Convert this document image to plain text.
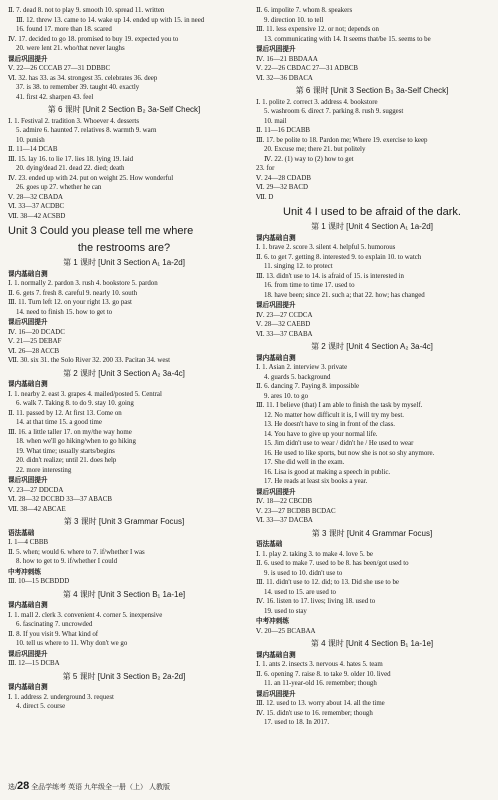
Ⅱ. 7. dead 8. not to play 9. smooth 10. spread 11. written
Ⅲ. 12. threw 13. came to 14. wake up 14. ended up with 15. in need
16. found 17. more than 18. scared
Ⅳ. 17. decided to go 18. promised to buy 19. expected you to
20. were lent 21. who/that never laughs
课后巩固提升
Ⅴ. 22—26 CCCAB 27—31 DDBBC
Ⅵ. 32. has 33. as 34. strongest 35. celebrates 36. deep
37. is 38. to remember 39. taught 40. exactly
41. first 42. sharpen 43. feel
第 6 课时 [Unit 2 Section B₂ 3a-Self Check]
Ⅰ. 1. Festival 2. tradition 3. Whoever 4. desserts
5. admire 6. haunted 7. relatives 8. warmth 9. warn
10. punish
Ⅱ. 11—14 DCAB
Ⅲ. 15. lay 16. to lie 17. lies 18. lying 19. laid
20. dying/dead 21. dead 22. died; death
Ⅳ. 23. ended up with 24. put on weight 25. How wonderful
26. goes up 27. whether he can
Ⅴ. 28—32 CBADA
Ⅵ. 33—37 ACDBC
Ⅶ. 38—42 ACSBD
Unit 3 Could you please tell me where
the restrooms are?
第 1 课时 [Unit 3 Section A₁ 1a-2d]
课内基础自测
Ⅰ. 1. normally 2. pardon 3. rush 4. bookstore 5. pardon
Ⅱ. 6. gets 7. fresh 8. careful 9. nearly 10. south
Ⅲ. 11. Turn left 12. on your right 13. go past
14. need to finish 15. how to get to
课后巩固提升
Ⅳ. 16—20 DCADC
Ⅴ. 21—25 DEBAF
Ⅵ. 26—28 ACCB
Ⅶ. 30. six 31. the Solo River 32. 200 33. Pacitan 34. west
第 2 课时 [Unit 3 Section A₂ 3a-4c]
课内基础自测
Ⅰ. 1. nearby 2. east 3. grapes 4. mailed/posted 5. Central
6. walk 7. Taking 8. to do 9. stay 10. going
Ⅱ. 11. passed by 12. At first 13. Come on
14. at that time 15. a good time
Ⅲ. 16. a little taller 17. on my/the way home
18. when we'll go hiking/when to go hiking
19. What time; usually starts/begins
20. didn't realize; until 21. does help
22. more interesting
课后巩固提升
Ⅴ. 23—27 DDCDA
Ⅵ. 28—32 DCCBD 33—37 ABACB
Ⅶ. 38—42 ABCAE
第 3 课时 [Unit 3 Grammar Focus]
语法基础
Ⅰ. 1—4 CBBB
Ⅱ. 5. when; would 6. where to 7. if/whether I was
8. how to get to 9. if/whether I could
中考冲刺练
Ⅲ. 10—15 BCBDDD
第 4 课时 [Unit 3 Section B₁ 1a-1e]
课内基础自测
Ⅰ. 1. mall 2. clerk 3. convenient 4. corner 5. inexpensive
6. fascinating 7. uncrowded
Ⅱ. 8. If you visit 9. What kind of
10. tell us where to 11. Why don't we go
课后巩固提升
Ⅲ. 12—15 DCBA
第 5 课时 [Unit 3 Section B₂ 2a-2d]
课内基础自测
Ⅰ. 1. address 2. underground 3. request
4. direct 5. course
Ⅱ. 6. impolite 7. whom 8. speakers
9. direction 10. to tell
Ⅲ. 11. less expensive 12. or not; depends on
13. communicating with 14. It seems that/be 15. seems to be
课后巩固提升
Ⅳ. 16—21 BBDAAA
Ⅴ. 22—26 CBDAC 27—31 ADBCB
Ⅵ. 32—36 DBACA
第 6 课时 [Unit 3 Section B₃ 3a-Self Check]
Ⅰ. 1. polite 2. correct 3. address 4. bookstore
5. washroom 6. direct 7. parking 8. rush 9. suggest
10. mail
Ⅱ. 11—16 DCABB
Ⅲ. 17. be polite to 18. Pardon me; Where 19. exercise to keep
20. Excuse me; there 21. but politely
Ⅳ. 22. (1) way to (2) how to get
23. for
Ⅴ. 24—28 CDADB
Ⅵ. 29—32 BACD
Ⅶ. D
Unit 4 I used to be afraid of the dark.
第 1 课时 [Unit 4 Section A₁ 1a-2d]
课内基础自测
Ⅰ. 1. brave 2. score 3. silent 4. helpful 5. humorous
Ⅱ. 6. to get 7. getting 8. interested 9. to explain 10. to watch
11. singing 12. to protect
Ⅲ. 13. didn't use to 14. is afraid of 15. is interested in
16. from time to time 17. used to
18. have been; since 21. such a; that 22. how; has changed
课后巩固提升
Ⅳ. 23—27 CCDCA
Ⅴ. 28—32 CAEBD
Ⅵ. 33—37 CBABA
第 2 课时 [Unit 4 Section A₂ 3a-4c]
课内基础自测
Ⅰ. 1. Asian 2. interview 3. private
4. guards 5. background
Ⅱ. 6. dancing 7. Paying 8. impossible
9. ares 10. to go
Ⅲ. 11. I believe (that) I am able to finish the task by myself.
12. No matter how difficult it is, I will try my best.
13. He doesn't have to sing in front of the class.
14. You have to give up your normal life.
15. Jim didn't use to wear / didn't he / He used to wear
16. He used to like sports, but now she is not so shy anymore.
17. She did well in the exam.
16. Lisa is good at making a speech in public.
17. He reads at least six books a year.
课后巩固提升
Ⅳ. 18—22 CBCDB
Ⅴ. 23—27 BCDBB BCDAC
Ⅵ. 33—37 DACBA
第 3 课时 [Unit 4 Grammar Focus]
语法基础
Ⅰ. 1. play 2. taking 3. to make 4. love 5. be
Ⅱ. 6. used to make 7. used to be 8. has been/got used to
9. is used to 10. didn't use to
Ⅲ. 11. didn't use to 12. did; to 13. Did she use to be
14. used to 15. are used to
Ⅳ. 16. listen to 17. lives; living 18. used to
19. used to stay
中考冲刺练
Ⅴ. 20—25 BCABAA
第 4 课时 [Unit 4 Section B₁ 1a-1e]
课内基础自测
Ⅰ. 1. ants 2. insects 3. nervous 4. hates 5. team
Ⅱ. 6. opening 7. raise 8. to take 9. older 10. lived
11. an 11-year-old 16. remember; though
课后巩固提升
Ⅲ. 12. used to 13. worry about 14. all the time
Ⅳ. 15. didn't use to 16. remember; though
17. used to 18. In 2017.
选/28 全品学练考 英语 九年级全一册（上） 人教版
